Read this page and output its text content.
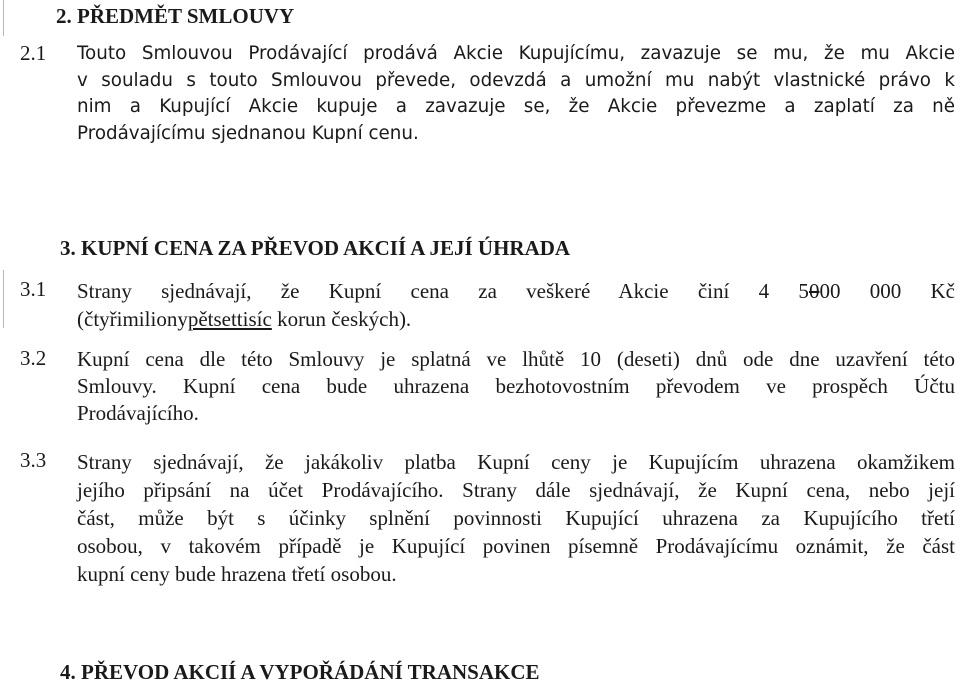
2. PŘEDMĚT SMLOUVY
2.1 Touto Smlouvou Prodávající prodává Akcie Kupujícímu, zavazuje se mu, že mu Akcie
v souladu s touto Smlouvou převede, odevzdá a umožní mu nabýt vlastnické právo k
nim a Kupující Akcie kupuje a zavazuje se, že Akcie převezme a zaplatí za ně
Prodávajícímu sjednanou Kupní cenu.
3. KUPNÍ CENA ZA PŘEVOD AKCIÍ A JEJÍ ÚHRADA
3.1 Strany sjednávají, že Kupní cena za veškeré Akcie činí 4 5000 000 Kč
(čtyřimilionypětsettisíc korun českých).
3.2 Kupní cena dle této Smlouvy je splatná ve lhůtě 10 (deseti) dnů ode dne uzavření této
Smlouvy. Kupní cena bude uhrazena bezhotovostním převodem ve prospěch Účtu
Prodávajícího.
3.3 Strany sjednávají, že jakákoliv platba Kupní ceny je Kupujícím uhrazena okamžikem
jejího připsání na účet Prodávajícího. Strany dále sjednávají, že Kupní cena, nebo její
část, může být s účinky splnění povinnosti Kupující uhrazena za Kupujícího třetí
osobou, v takovém případě je Kupující povinen písemně Prodávajícímu oznámit, že část
kupní ceny bude hrazena třetí osobou.
4. PŘEVOD AKCIÍ A VYPOŘÁDÁNÍ TRANSAKCE
